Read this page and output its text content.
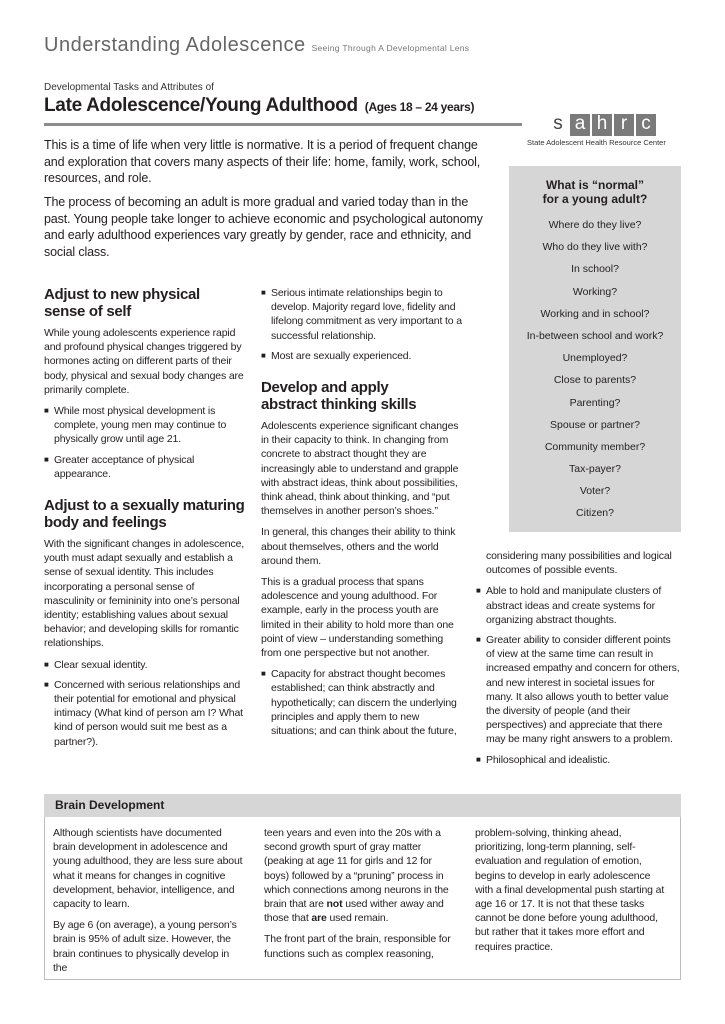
Understanding Adolescence Seeing Through A Developmental Lens
Developmental Tasks and Attributes of
Late Adolescence/Young Adulthood (Ages 18 – 24 years)
s a h r c
State Adolescent Health Resource Center

This is a time of life when very little is normative. It is a period of frequent change and exploration that covers many aspects of their life: home, family, work, school, resources, and role.

The process of becoming an adult is more gradual and varied today than in the past. Young people take longer to achieve economic and psychological autonomy and early adulthood experiences vary greatly by gender, race and ethnicity, and social class.

What is “normal” for a young adult?
Where do they live?
Who do they live with?
In school?
Working?
Working and in school?
In-between school and work?
Unemployed?
Close to parents?
Parenting?
Spouse or partner?
Community member?
Tax-payer?
Voter?
Citizen?
Adjust to new physical sense of self

While young adolescents experience rapid and profound physical changes triggered by hormones acting on different parts of their body, physical and sexual body changes are primarily complete.

■ While most physical development is complete, young men may continue to physically grow until age 21.
■ Greater acceptance of physical appearance.
Adjust to a sexually maturing body and feelings

With the significant changes in adolescence, youth must adapt sexually and establish a sense of sexual identity. This includes incorporating a personal sense of masculinity or femininity into one’s personal identity; establishing values about sexual behavior; and developing skills for romantic relationships.

■ Clear sexual identity.
■ Concerned with serious relationships and their potential for emotional and physical intimacy (What kind of person am I? What kind of person would suit me best as a partner?).
■ Serious intimate relationships begin to develop. Majority regard love, fidelity and lifelong commitment as very important to a successful relationship.
■ Most are sexually experienced.
Develop and apply abstract thinking skills

Adolescents experience significant changes in their capacity to think. In changing from concrete to abstract thought they are increasingly able to understand and grapple with abstract ideas, think about possibilities, think ahead, think about thinking, and “put themselves in another person’s shoes.”

In general, this changes their ability to think about themselves, others and the world around them.

This is a gradual process that spans adolescence and young adulthood. For example, early in the process youth are limited in their ability to hold more than one point of view – understanding something from one perspective but not another.

■ Capacity for abstract thought becomes established; can think abstractly and hypothetically; can discern the underlying principles and apply them to new situations; and can think about the future,

considering many possibilities and logical outcomes of possible events.

■ Able to hold and manipulate clusters of abstract ideas and create systems for organizing abstract thoughts.
■ Greater ability to consider different points of view at the same time can result in increased empathy and concern for others, and new interest in societal issues for many. It also allows youth to better value the diversity of people (and their perspectives) and appreciate that there may be many right answers to a problem.
■ Philosophical and idealistic.
Brain Development

Although scientists have documented brain development in adolescence and young adulthood, they are less sure about what it means for changes in cognitive development, behavior, intelligence, and capacity to learn.

By age 6 (on average), a young person’s brain is 95% of adult size. However, the brain continues to physically develop in the

teen years and even into the 20s with a second growth spurt of gray matter (peaking at age 11 for girls and 12 for boys) followed by a “pruning” process in which connections among neurons in the brain that are not used wither away and those that are used remain.

The front part of the brain, responsible for functions such as complex reasoning,

problem-solving, thinking ahead, prioritizing, long-term planning, self-evaluation and regulation of emotion, begins to develop in early adolescence with a final developmental push starting at age 16 or 17. It is not that these tasks cannot be done before young adulthood, but rather that it takes more effort and requires practice.
